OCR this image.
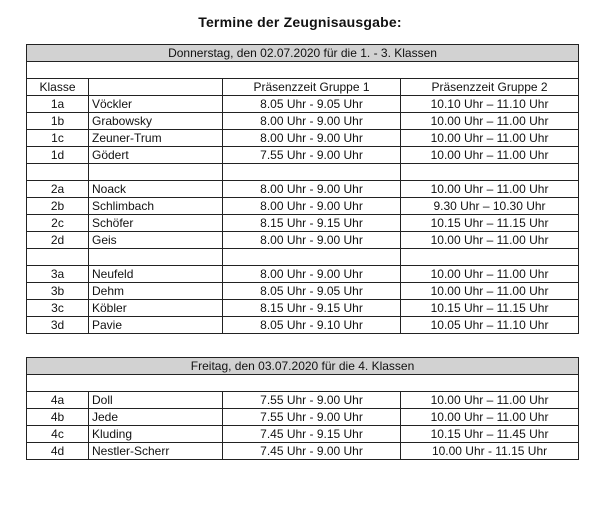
Termine der Zeugnisausgabe:
Donnerstag, den 02.07.2020 für die 1. - 3. Klassen			

Klasse		Präsenzzeit Gruppe 1	Präsenzzeit Gruppe 2
1a	Vöckler	8.05 Uhr - 9.05 Uhr	10.10 Uhr – 11.10 Uhr
1b	Grabowsky	8.00 Uhr - 9.00 Uhr	10.00 Uhr – 11.00 Uhr
1c	Zeuner-Trum	8.00 Uhr - 9.00 Uhr	10.00 Uhr – 11.00 Uhr
1d	Gödert	7.55 Uhr - 9.00 Uhr	10.00 Uhr – 11.00 Uhr

2a	Noack	8.00 Uhr - 9.00 Uhr	10.00 Uhr – 11.00 Uhr
2b	Schlimbach	8.00 Uhr - 9.00 Uhr	9.30 Uhr – 10.30 Uhr
2c	Schöfer	8.15 Uhr - 9.15 Uhr	10.15 Uhr – 11.15 Uhr
2d	Geis	8.00 Uhr - 9.00 Uhr	10.00 Uhr – 11.00 Uhr

3a	Neufeld	8.00 Uhr - 9.00 Uhr	10.00 Uhr – 11.00 Uhr
3b	Dehm	8.05 Uhr - 9.05 Uhr	10.00 Uhr – 11.00 Uhr
3c	Köbler	8.15 Uhr - 9.15 Uhr	10.15 Uhr – 11.15 Uhr
3d	Pavie	8.05 Uhr - 9.10 Uhr	10.05 Uhr – 11.10 Uhr
Freitag, den 03.07.2020 für die 4. Klassen			

4a	Doll	7.55 Uhr - 9.00 Uhr	10.00 Uhr – 11.00 Uhr
4b	Jede	7.55 Uhr - 9.00 Uhr	10.00 Uhr – 11.00 Uhr
4c	Kluding	7.45 Uhr - 9.15 Uhr	10.15 Uhr – 11.45 Uhr
4d	Nestler-Scherr	7.45 Uhr - 9.00 Uhr	10.00 Uhr - 11.15 Uhr
